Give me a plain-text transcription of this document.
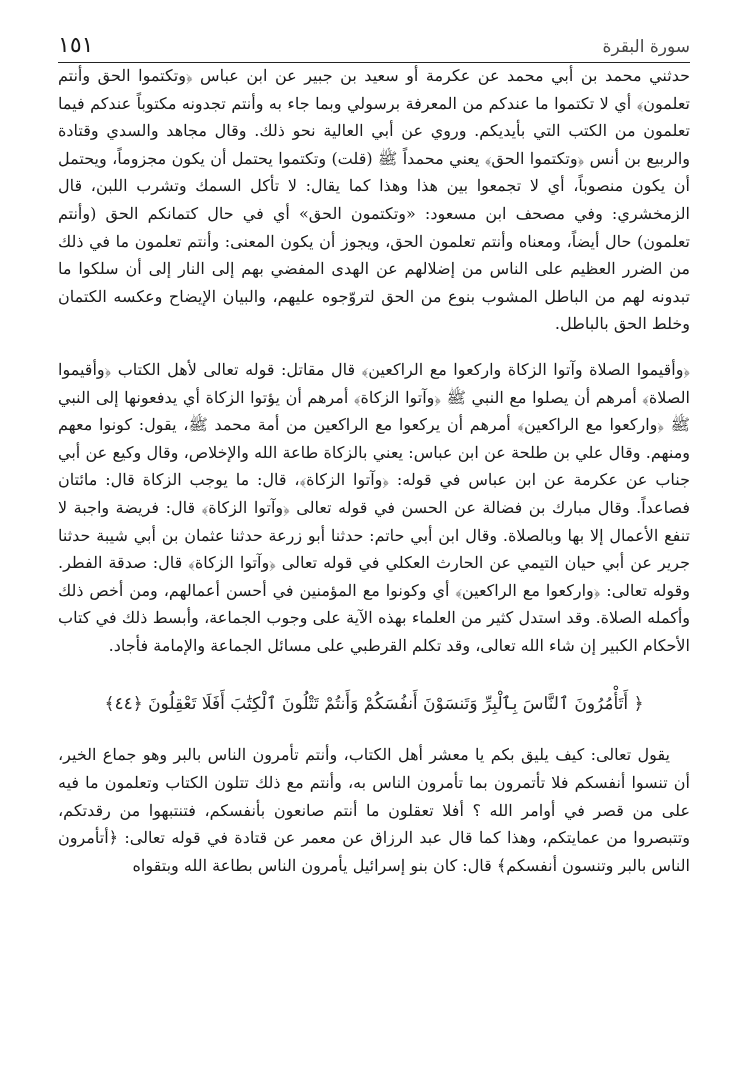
١٥١	سورة البقرة

حدثني محمد بن أبي محمد عن عكرمة أو سعيد بن جبير عن ابن عباس ﴿وتكتموا الحق وأنتم تعلمون﴾ أي لا تكتموا ما عندكم من المعرفة برسولي وبما جاء به وأنتم تجدونه مكتوباً عندكم فيما تعلمون من الكتب التي بأيديكم. وروي عن أبي العالية نحو ذلك. وقال مجاهد والسدي وقتادة والربيع بن أنس ﴿وتكتموا الحق﴾ يعني محمداً ﷺ (قلت) وتكتموا يحتمل أن يكون مجزوماً، ويحتمل أن يكون منصوباً، أي لا تجمعوا بين هذا وهذا كما يقال: لا تأكل السمك وتشرب اللبن، قال الزمخشري: وفي مصحف ابن مسعود: «وتكتمون الحق» أي في حال كتمانكم الحق (وأنتم تعلمون) حال أيضاً، ومعناه وأنتم تعلمون الحق، ويجوز أن يكون المعنى: وأنتم تعلمون ما في ذلك من الضرر العظيم على الناس من إضلالهم عن الهدى المفضي بهم إلى النار إلى أن سلكوا ما تبدونه لهم من الباطل المشوب بنوع من الحق لتروّجوه عليهم، والبيان الإيضاح وعكسه الكتمان وخلط الحق بالباطل.

﴿وأقيموا الصلاة وآتوا الزكاة واركعوا مع الراكعين﴾ قال مقاتل: قوله تعالى لأهل الكتاب ﴿وأقيموا الصلاة﴾ أمرهم أن يصلوا مع النبي ﷺ ﴿وآتوا الزكاة﴾ أمرهم أن يؤتوا الزكاة أي يدفعونها إلى النبي ﷺ ﴿واركعوا مع الراكعين﴾ أمرهم أن يركعوا مع الراكعين من أمة محمد ﷺ، يقول: كونوا معهم ومنهم. وقال علي بن طلحة عن ابن عباس: يعني بالزكاة طاعة الله والإخلاص، وقال وكيع عن أبي جناب عن عكرمة عن ابن عباس في قوله: ﴿وآتوا الزكاة﴾، قال: ما يوجب الزكاة قال: مائتان فصاعداً. وقال مبارك بن فضالة عن الحسن في قوله تعالى ﴿وآتوا الزكاة﴾ قال: فريضة واجبة لا تنفع الأعمال إلا بها وبالصلاة. وقال ابن أبي حاتم: حدثنا أبو زرعة حدثنا عثمان بن أبي شيبة حدثنا جرير عن أبي حيان التيمي عن الحارث العكلي في قوله تعالى ﴿وآتوا الزكاة﴾ قال: صدقة الفطر. وقوله تعالى: ﴿واركعوا مع الراكعين﴾ أي وكونوا مع المؤمنين في أحسن أعمالهم، ومن أخص ذلك وأكمله الصلاة. وقد استدل كثير من العلماء بهذه الآية على وجوب الجماعة، وأبسط ذلك في كتاب الأحكام الكبير إن شاء الله تعالى، وقد تكلم القرطبي على مسائل الجماعة والإمامة فأجاد.

﴿ أَتَأْمُرُونَ ٱلنَّاسَ بِٱلْبِرِّ وَتَنسَوْنَ أَنفُسَكُمْ وَأَنتُمْ تَتْلُونَ ٱلْكِتَٰبَ أَفَلَا تَعْقِلُونَ ﴿٤٤﴾

يقول تعالى: كيف يليق بكم يا معشر أهل الكتاب، وأنتم تأمرون الناس بالبر وهو جماع الخير، أن تنسوا أنفسكم فلا تأتمرون بما تأمرون الناس به، وأنتم مع ذلك تتلون الكتاب وتعلمون ما فيه على من قصر في أوامر الله ؟ أفلا تعقلون ما أنتم صانعون بأنفسكم، فتنتبهوا من رقدتكم، وتتبصروا من عمايتكم، وهذا كما قال عبد الرزاق عن معمر عن قتادة في قوله تعالى: ﴿أتأمرون الناس بالبر وتنسون أنفسكم﴾ قال: كان بنو إسرائيل يأمرون الناس بطاعة الله وبتقواه
